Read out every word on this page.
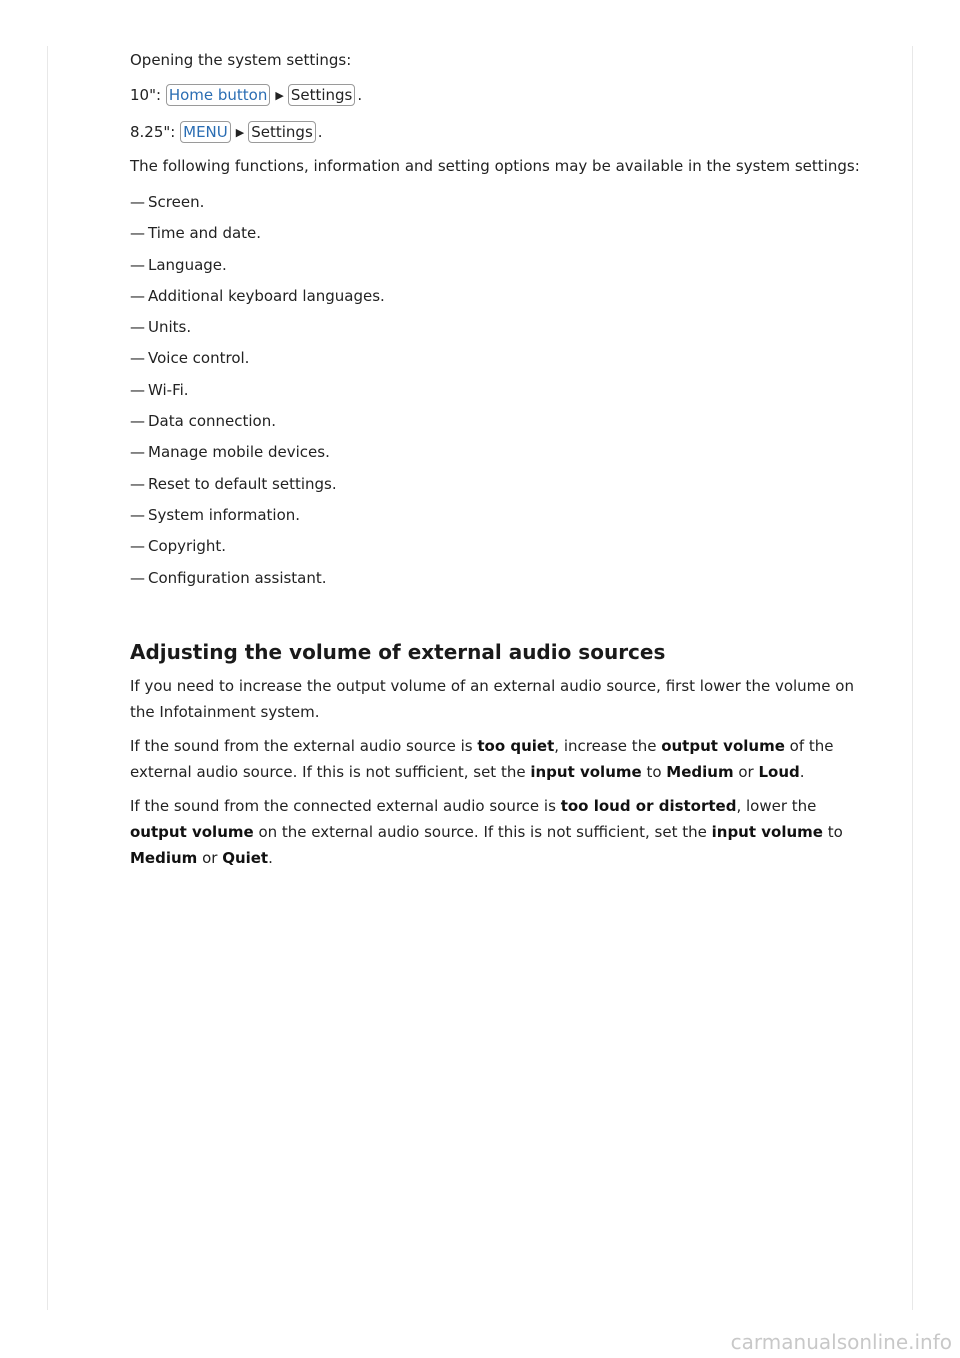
Opening the system settings:

10": Home button ▶ Settings .

8.25": MENU ▶ Settings .

The following functions, information and setting options may be available in the system settings:

— Screen.
— Time and date.
— Language.
— Additional keyboard languages.
— Units.
— Voice control.
— Wi-Fi.
— Data connection.
— Manage mobile devices.
— Reset to default settings.
— System information.
— Copyright.
— Configuration assistant.
Adjusting the volume of external audio sources

If you need to increase the output volume of an external audio source, first lower the volume on the Infotainment system.

If the sound from the external audio source is too quiet, increase the output volume of the external audio source. If this is not sufficient, set the input volume to Medium or Loud.

If the sound from the connected external audio source is too loud or distorted, lower the output volume on the external audio source. If this is not sufficient, set the input volume to Medium or Quiet.

carmanualsonline.info
